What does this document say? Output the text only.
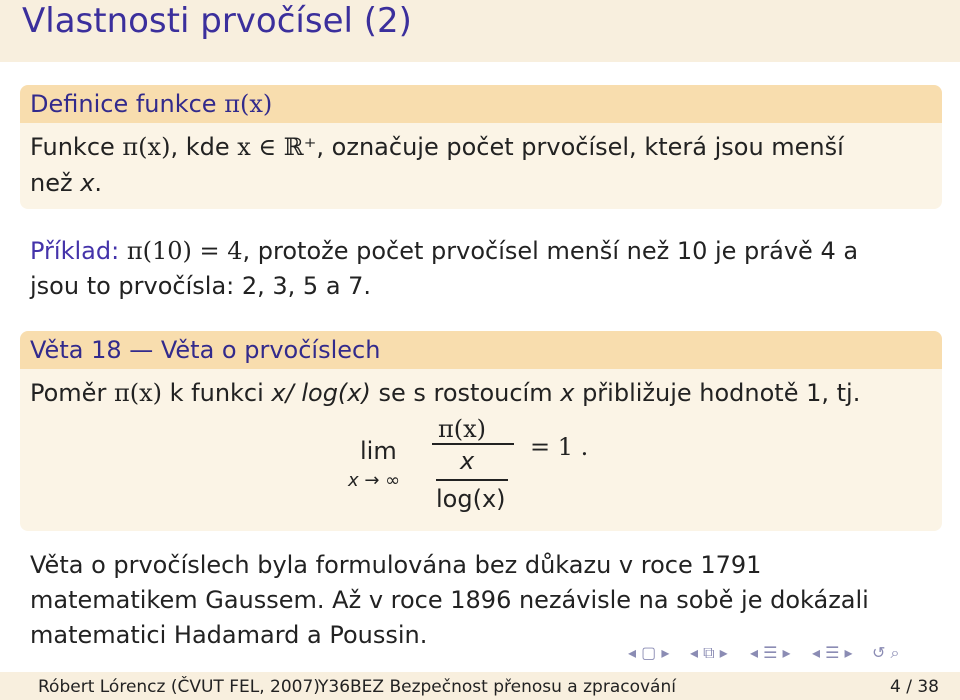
Vlastnosti prvočísel (2)
Definice funkce π(x)
Funkce π(x), kde x ∈ ℝ⁺, označuje počet prvočísel, která jsou menší
než x.
Příklad: π(10) = 4, protože počet prvočísel menší než 10 je právě 4 a
jsou to prvočísla: 2, 3, 5 a 7.
Věta 18 — Věta o prvočíslech
Poměr π(x) k funkci x/ log(x) se s rostoucím x přibližuje hodnotě 1, tj.
lim
x → ∞
π(x)
x
log(x)
= 1 .
Věta o prvočíslech byla formulována bez důkazu v roce 1791
matematikem Gaussem. Až v roce 1896 nezávisle na sobě je dokázali
matematici Hadamard a Poussin.
◂ ▢ ▸ ◂ ⧉ ▸ ◂ ☰ ▸ ◂ ☰ ▸ ↺ ⌕
Róbert Lórencz (ČVUT FEL, 2007)
Y36BEZ Bezpečnost přenosu a zpracování	4 / 38
